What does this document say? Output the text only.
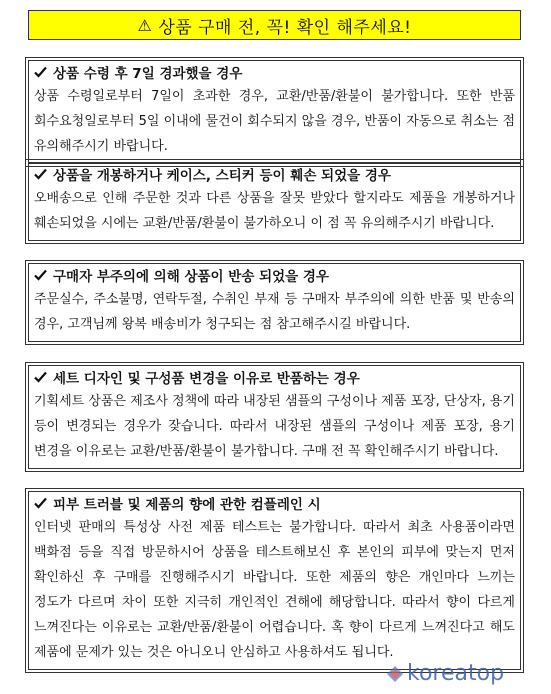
⚠ 상품 구매 전, 꼭! 확인 해주세요!
상품 수령 후 7일 경과했을 경우
상품 수령일로부터 7일이 초과한 경우, 교환/반품/환불이 불가합니다. 또한 반품 회수요청일로부터 5일 이내에 물건이 회수되지 않을 경우, 반품이 자동으로 취소는 점 유의해주시기 바랍니다.
상품을 개봉하거나 케이스, 스티커 등이 훼손 되었을 경우
오배송으로 인해 주문한 것과 다른 상품을 잘못 받았다 할지라도 제품을 개봉하거나 훼손되었을 시에는 교환/반품/환불이 불가하오니 이 점 꼭 유의해주시기 바랍니다.
구매자 부주의에 의해 상품이 반송 되었을 경우
주문실수, 주소불명, 연락두절, 수취인 부재 등 구매자 부주의에 의한 반품 및 반송의 경우, 고객님께 왕복 배송비가 청구되는 점 참고해주시길 바랍니다.
세트 디자인 및 구성품 변경을 이유로 반품하는 경우
기획세트 상품은 제조사 정책에 따라 내장된 샘플의 구성이나 제품 포장, 단상자, 용기 등이 변경되는 경우가 잦습니다. 따라서 내장된 샘플의 구성이나 제품 포장, 용기 변경을 이유로는 교환/반품/환불이 불가합니다. 구매 전 꼭 확인해주시기 바랍니다.
피부 트러블 및 제품의 향에 관한 컴플레인 시
인터넷 판매의 특성상 사전 제품 테스트는 불가합니다. 따라서 최초 사용품이라면 백화점 등을 직접 방문하시어 상품을 테스트해보신 후 본인의 피부에 맞는지 먼저 확인하신 후 구매를 진행해주시기 바랍니다. 또한 제품의 향은 개인마다 느끼는 정도가 다르며 차이 또한 지극히 개인적인 견해에 해당합니다. 따라서 향이 다르게 느껴진다는 이유로는 교환/반품/환불이 어렵습니다. 혹 향이 다르게 느껴진다고 해도 제품에 문제가 있는 것은 아니오니 안심하고 사용하셔도 됩니다.
koreatop
